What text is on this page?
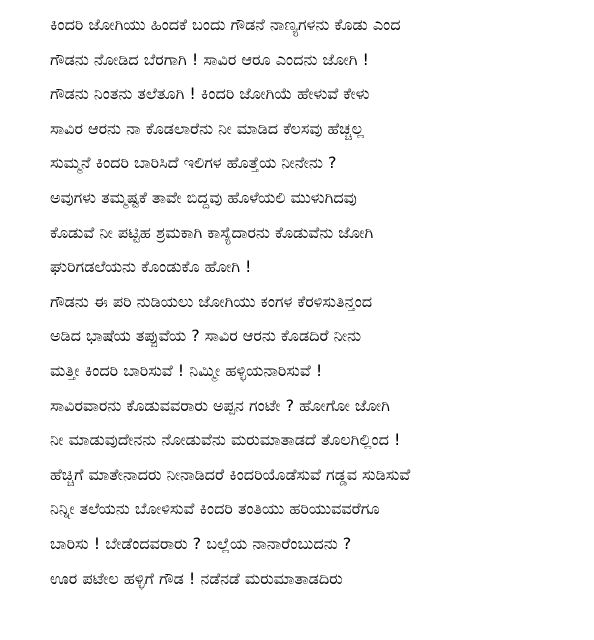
ಕಿಂದರಿ ಜೋಗಿಯು ಹಿಂದಕೆ ಬಂದು ಗೌಡನೆ ನಾಣ್ಯಗಳನು ಕೊಡು ಎಂದ
ಗೌಡನು ನೋಡಿದ ಬೆರಗಾಗಿ ! ಸಾವಿರ ಆರೂ ಎಂದನು ಜೋಗಿ !
ಗೌಡನು ನಿಂತನು ತಲೆತೂಗಿ ! ಕಿಂದರಿ ಜೋಗಿಯೆ ಹೇಳುವೆ ಕೇಳು
ಸಾವಿರ ಆರನು ನಾ ಕೊಡಲಾರೆನು ನೀ ಮಾಡಿದ ಕೆಲಸವು ಹೆಚ್ಚಲ್ಲ
ಸುಮ್ಮನೆ ಕಿಂದರಿ ಬಾರಿಸಿದೆ ಇಲಿಗಳ ಹೊತ್ತೆಯ ನೀನೇನು ?
ಅವುಗಳು ತಮ್ಮಷ್ಟಕೆ ತಾವೇ ಬಿದ್ದವು ಹೊಳೆಯಲಿ ಮುಳುಗಿದವು
ಕೊಡುವೆ ನೀ ಪಟ್ಟಿಹ ಶ್ರಮಕಾಗಿ ಕಾಸ್ಯೆದಾರನು ಕೊಡುವೆನು ಜೋಗಿ
ಘುರಿಗಡಲೆಯನು ಕೊಂಡುಕೊ ಹೋಗಿ !
ಗೌಡನು ಈ ಪರಿ ನುಡಿಯಲು ಜೋಗಿಯು ಕಂಗಳ ಕೆರಳಿಸುತಿನ್ತಂದ
ಅಡಿದ ಭಾಷೆಯ ತಪ್ಪುವೆಯ ? ಸಾವಿರ ಆರನು ಕೊಡದಿರೆ ನೀನು
ಮತ್ತೀ ಕಿಂದರಿ ಬಾರಿಸುವೆ ! ನಿಮ್ಮೀ ಹಳ್ಳಿಯನಾರಿಸುವೆ !
ಸಾವಿರವಾರನು ಕೊಡುವವರಾರು ಅಪ್ಪನ ಗಂಟೇ ? ಹೋಗೋ ಜೋಗಿ
ನೀ ಮಾಡುವುದೇನನು ನೋಡುವೆನು ಮರುಮಾತಾಡದೆ ತೊಲಗಿಲ್ಲಿಂದ !
ಹೆಚ್ಚಿಗೆ ಮಾತೇನಾದರು ನೀನಾಡಿದರೆ ಕಿಂದರಿಯೊಡೆಸುವೆ ಗಡ್ಡವ ಸುಡಿಸುವೆ
ನಿನ್ನೀ ತಲೆಯನು ಬೋಳಿಸುವೆ ಕಿಂದರಿ ತಂತಿಯು ಹರಿಯುವವರೆಗೂ
ಬಾರಿಸು ! ಬೇಡೆಂದವರಾರು ? ಬಲ್ಲೆಯ ನಾನಾರೆಂಬುದನು ?
ಊರ ಪಟೇಲ ಹಳ್ಳಿಗೆ ಗೌಡ ! ನಡೆನಡೆ ಮರುಮಾತಾಡದಿರು
